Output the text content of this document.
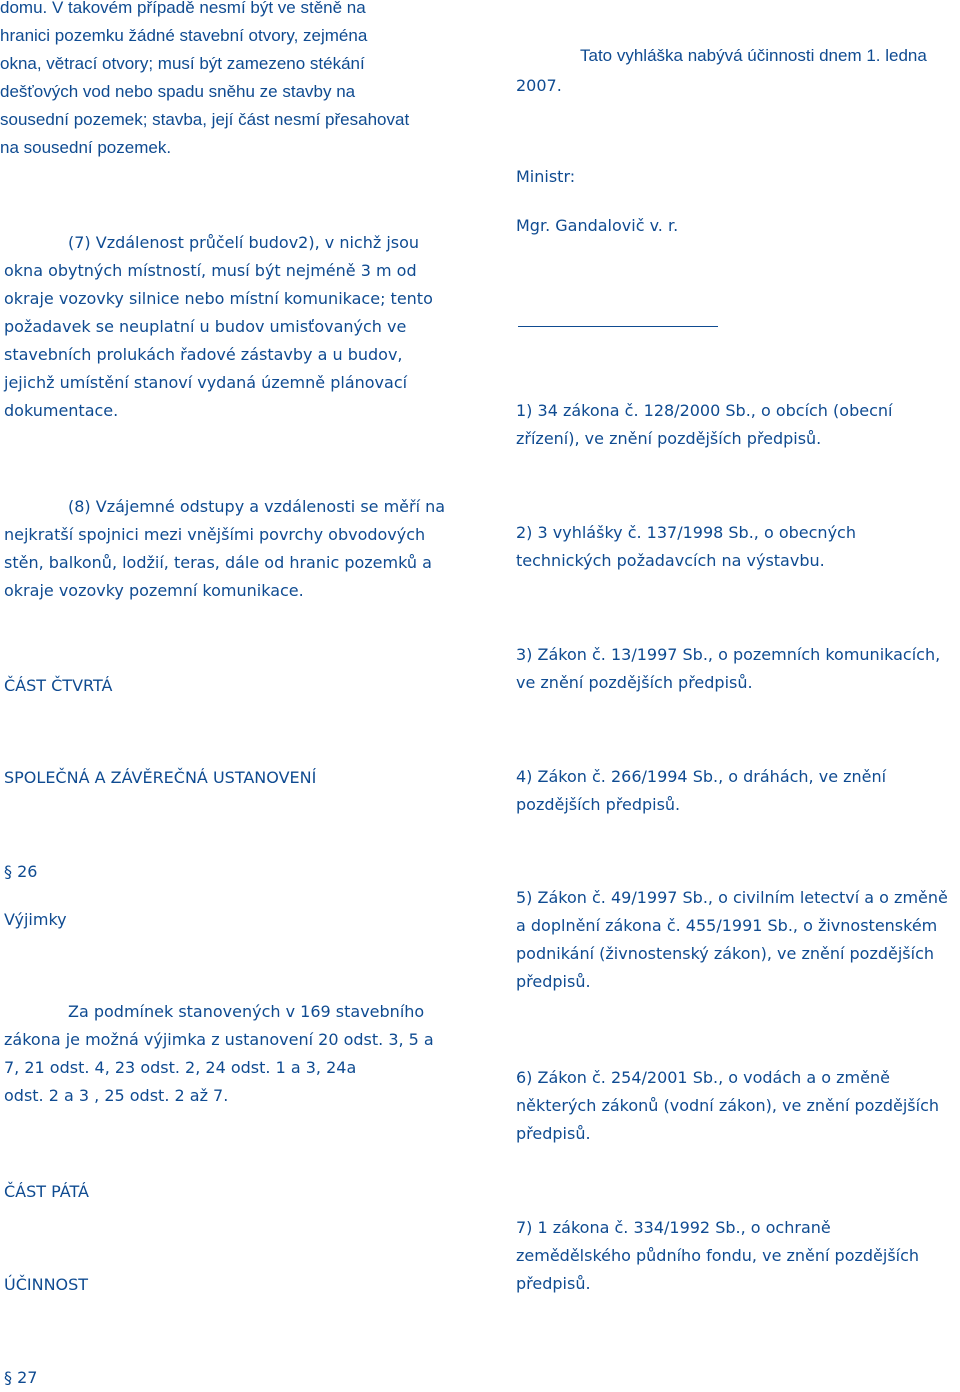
domu. V takovém případě nesmí být ve stěně na
hranici pozemku žádné stavební otvory, zejména
okna, větrací otvory; musí být zamezeno stékání
dešťových vod nebo spadu sněhu ze stavby na
sousední pozemek; stavba, její část nesmí přesahovat
na sousední pozemek.
(7) Vzdálenost průčelí budov2), v nichž jsou
okna obytných místností, musí být nejméně 3 m od
okraje vozovky silnice nebo místní komunikace; tento
požadavek se neuplatní u budov umisťovaných ve
stavebních prolukách řadové zástavby a u budov,
jejichž umístění stanoví vydaná územně plánovací
dokumentace.
(8) Vzájemné odstupy a vzdálenosti se měří na
nejkratší spojnici mezi vnějšími povrchy obvodových
stěn, balkonů, lodžií, teras, dále od hranic pozemků a
okraje vozovky pozemní komunikace.
ČÁST ČTVRTÁ
SPOLEČNÁ A ZÁVĚREČNÁ USTANOVENÍ
§ 26
Výjimky
Za podmínek stanovených v 169 stavebního
zákona je možná výjimka z ustanovení 20 odst. 3, 5 a
7, 21 odst. 4, 23 odst. 2, 24 odst. 1 a 3, 24a
odst. 2 a 3 , 25 odst. 2 až 7.
ČÁST PÁTÁ
ÚČINNOST
§ 27
Tato vyhláška nabývá účinnosti dnem 1. ledna
2007.
Ministr:
Mgr. Gandalovič v. r.
1) 34 zákona č. 128/2000 Sb., o obcích (obecní
zřízení), ve znění pozdějších předpisů.
2) 3 vyhlášky č. 137/1998 Sb., o obecných
technických požadavcích na výstavbu.
3) Zákon č. 13/1997 Sb., o pozemních komunikacích,
ve znění pozdějších předpisů.
4) Zákon č. 266/1994 Sb., o dráhách, ve znění
pozdějších předpisů.
5) Zákon č. 49/1997 Sb., o civilním letectví a o změně
a doplnění zákona č. 455/1991 Sb., o živnostenském
podnikání (živnostenský zákon), ve znění pozdějších
předpisů.
6) Zákon č. 254/2001 Sb., o vodách a o změně
některých zákonů (vodní zákon), ve znění pozdějších
předpisů.
7) 1 zákona č. 334/1992 Sb., o ochraně
zemědělského půdního fondu, ve znění pozdějších
předpisů.
